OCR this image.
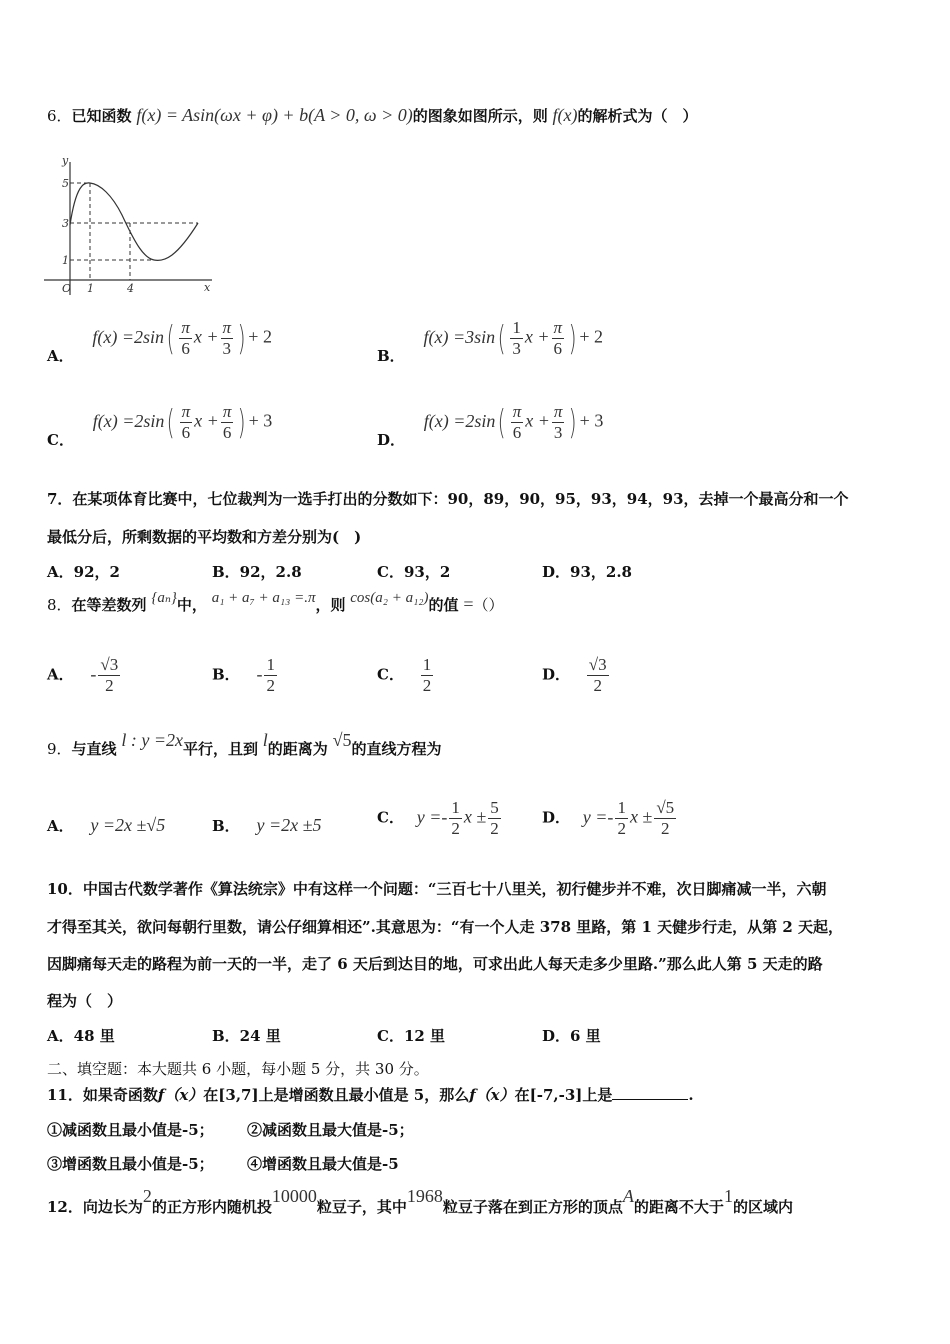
6．已知函数 f(x) = Asin(ωx + φ) + b(A > 0, ω > 0)的图象如图所示，则 f(x)的解析式为（　）
y
x
O
5
3
1
1	4
A． $f(x) =2\sin( \frac{\pi}{6}$ $x + \frac{\pi}{3}$ ) + 2
B． $f(x) =3\sin( \frac{1}{3}$ $x + \frac{\pi}{6}$ ) + 2
C． $f(x) =2\sin( \frac{\pi}{6}$ $x + \frac{\pi}{6}$ ) + 3
D． $f(x) =2\sin( \frac{\pi}{6}$ $x + \frac{\pi}{3}$ ) + 3
7．在某项体育比赛中，七位裁判为一选手打出的分数如下：90，89，90，95，93，94，93，去掉一个最高分和一个
最低分后，所剩数据的平均数和方差分别为(　)
A．92，2	B．92，2.8	C．93，2	D．93，2.8
8．在等差数列 {aₙ}中， a₁ + a₇ + a₁₃ =.π，则 cos(a₂ + a₁₂)的值 =（）
A． - $\frac{√3}{2}$	B． - $\frac{1}{2}$	C． $\frac{1}{2}$	D． $\frac{√3}{2}$
9．与直线 l : y =2x平行，且到 l的距离为 √5的直线方程为
A． y =2x ±√5	B． y =2x ±5	C． $y =- \frac{1}{2}$ $x \pm \frac{5}{2}$	D． $y =- \frac{1}{2}$ $x \pm \frac{√5}{2}$
10．中国古代数学著作《算法统宗》中有这样一个问题：“三百七十八里关，初行健步并不难，次日脚痛减一半，六朝
才得至其关，欲问每朝行里数，请公仔细算相还”.其意思为：“有一个人走 378 里路，第 1 天健步行走，从第 2 天起，
因脚痛每天走的路程为前一天的一半，走了 6 天后到达目的地，可求出此人每天走多少里路.”那么此人第 5 天走的路
程为（　）
A．48 里	B．24 里	C．12 里	D．6 里
二、填空题：本大题共 6 小题，每小题 5 分，共 30 分。
11．如果奇函数f（x）在[3,7]上是增函数且最小值是 5，那么f（x）在[-7,-3]上是	.
①减函数且最小值是-5； ②减函数且最大值是-5；
③增函数且最小值是-5； ④增函数且最大值是-5
12．向边长为2的正方形内随机投10000粒豆子，其中1968粒豆子落在到正方形的顶点A的距离不大于1的区域内
